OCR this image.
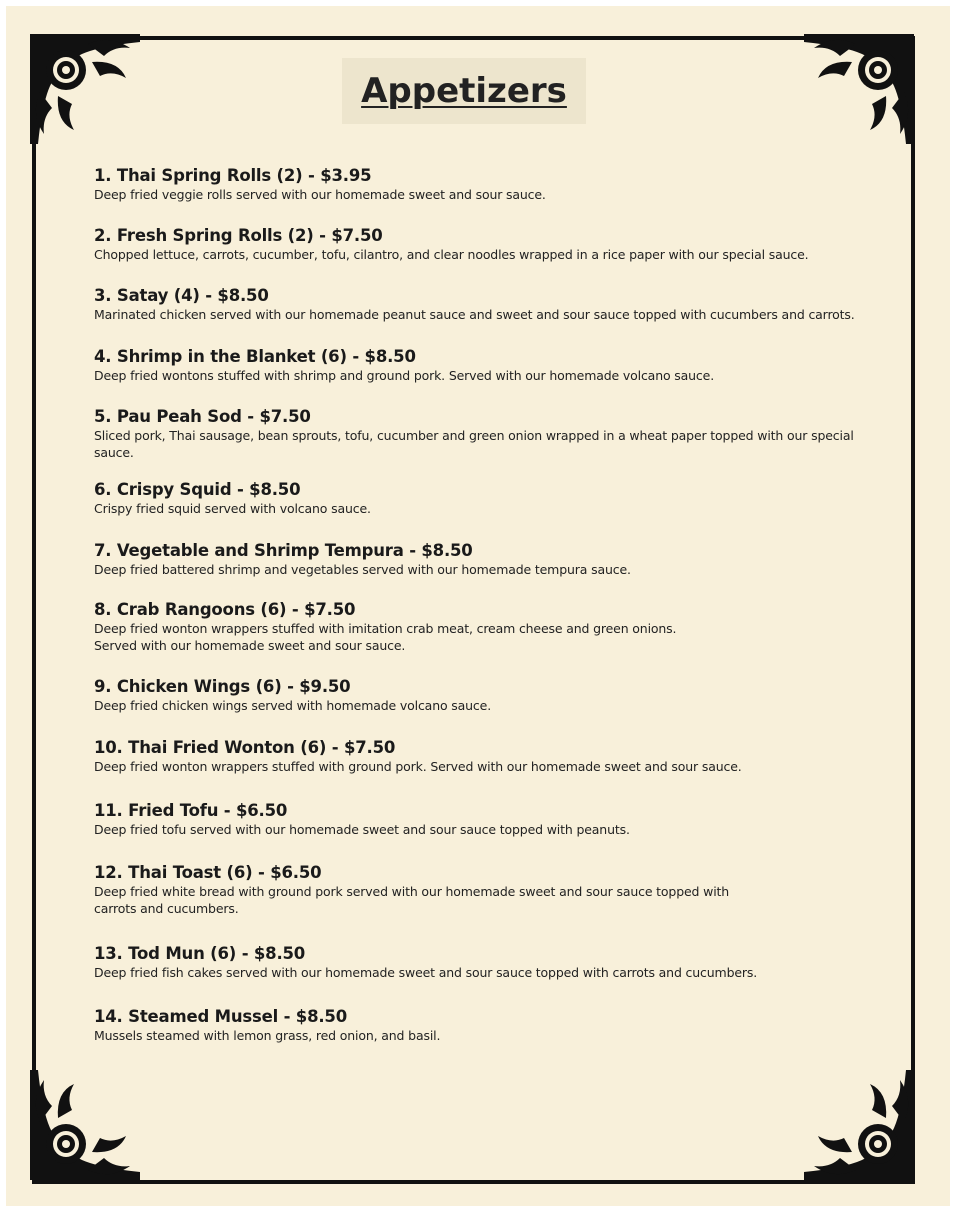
Appetizers
1. Thai Spring Rolls (2) - $3.95
Deep fried veggie rolls served with our homemade sweet and sour sauce.
2. Fresh Spring Rolls (2) - $7.50
Chopped lettuce, carrots, cucumber, tofu, cilantro, and clear noodles wrapped in a rice paper with our special sauce.
3. Satay (4) - $8.50
Marinated chicken served with our homemade peanut sauce and sweet and sour sauce topped with cucumbers and carrots.
4. Shrimp in the Blanket (6) - $8.50
Deep fried wontons stuffed with shrimp and ground pork. Served with our homemade volcano sauce.
5. Pau Peah Sod - $7.50
Sliced pork, Thai sausage, bean sprouts, tofu, cucumber and green onion wrapped in a wheat paper topped with our special sauce.
6. Crispy Squid - $8.50
Crispy fried squid served with volcano sauce.
7. Vegetable and Shrimp Tempura - $8.50
Deep fried battered shrimp and vegetables served with our homemade tempura sauce.
8. Crab Rangoons (6) - $7.50
Deep fried wonton wrappers stuffed with imitation crab meat, cream cheese and green onions. Served with our homemade sweet and sour sauce.
9. Chicken Wings (6) - $9.50
Deep fried chicken wings served with homemade volcano sauce.
10. Thai Fried Wonton (6) - $7.50
Deep fried wonton wrappers stuffed with ground pork. Served with our homemade sweet and sour sauce.
11. Fried Tofu - $6.50
Deep fried tofu served with our homemade sweet and sour sauce topped with peanuts.
12. Thai Toast (6) - $6.50
Deep fried white bread with ground pork served with our homemade sweet and sour sauce topped with carrots and cucumbers.
13. Tod Mun (6) - $8.50
Deep fried fish cakes served with our homemade sweet and sour sauce topped with carrots and cucumbers.
14. Steamed Mussel - $8.50
Mussels steamed with lemon grass, red onion, and basil.
